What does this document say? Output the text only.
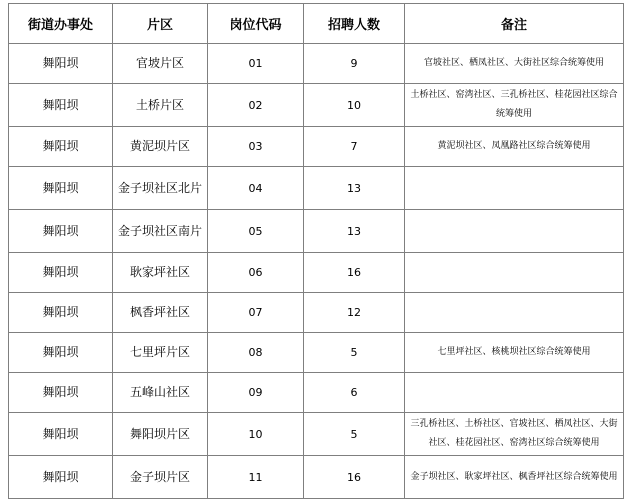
街道办事处	片区	岗位代码	招聘人数	备注
舞阳坝	官坡片区	01	9	官坡社区、栖凤社区、大街社区综合统筹使用
舞阳坝	土桥片区	02	10	土桥社区、窑湾社区、三孔桥社区、桂花园社区综合统筹使用
舞阳坝	黄泥坝片区	03	7	黄泥坝社区、凤凰路社区综合统筹使用
舞阳坝	金子坝社区北片	04	13	
舞阳坝	金子坝社区南片	05	13	
舞阳坝	耿家坪社区	06	16	
舞阳坝	枫香坪社区	07	12	
舞阳坝	七里坪片区	08	5	七里坪社区、核桃坝社区综合统筹使用
舞阳坝	五峰山社区	09	6	
舞阳坝	舞阳坝片区	10	5	三孔桥社区、土桥社区、官坡社区、栖凤社区、大街社区、桂花园社区、窑湾社区综合统筹使用
舞阳坝	金子坝片区	11	16	金子坝社区、耿家坪社区、枫香坪社区综合统筹使用
